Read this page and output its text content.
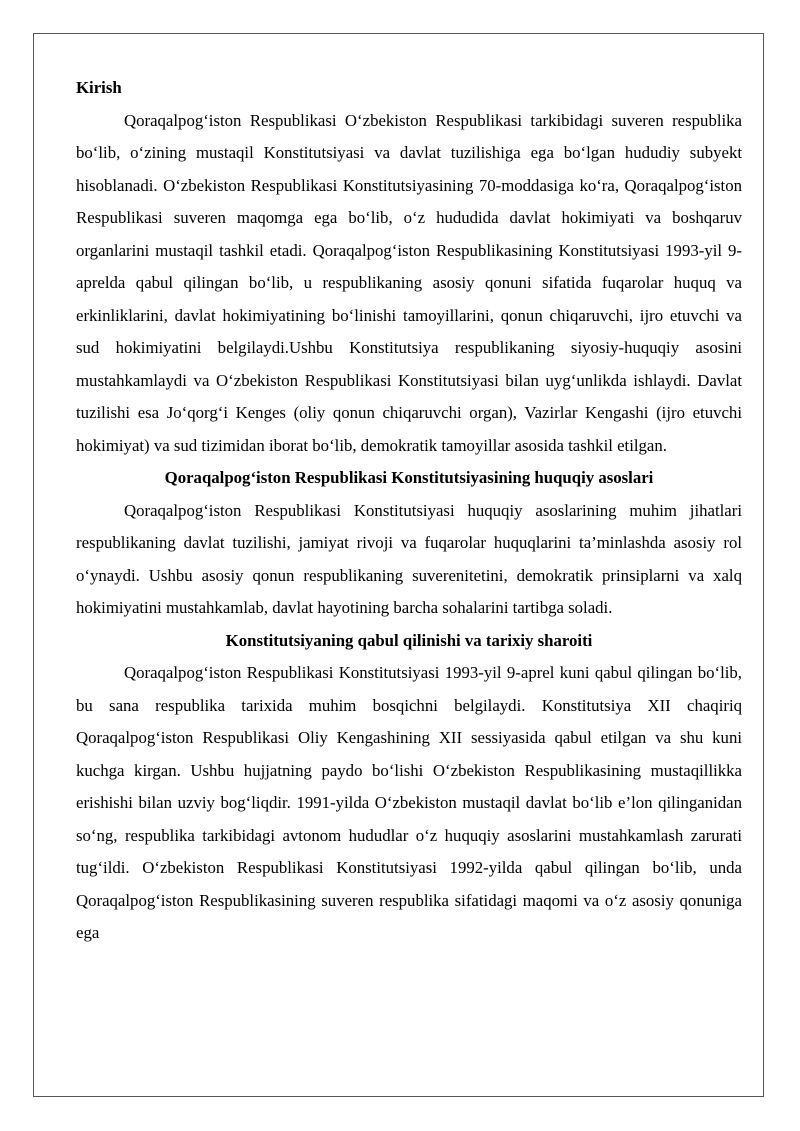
Kirish

Qoraqalpog‘iston Respublikasi O‘zbekiston Respublikasi tarkibidagi suveren respublika bo‘lib, o‘zining mustaqil Konstitutsiyasi va davlat tuzilishiga ega bo‘lgan hududiy subyekt hisoblanadi. O‘zbekiston Respublikasi Konstitutsiyasining 70-moddasiga ko‘ra, Qoraqalpog‘iston Respublikasi suveren maqomga ega bo‘lib, o‘z hududida davlat hokimiyati va boshqaruv organlarini mustaqil tashkil etadi. Qoraqalpog‘iston Respublikasining Konstitutsiyasi 1993-yil 9-aprelda qabul qilingan bo‘lib, u respublikaning asosiy qonuni sifatida fuqarolar huquq va erkinliklarini, davlat hokimiyatining bo‘linishi tamoyillarini, qonun chiqaruvchi, ijro etuvchi va sud hokimiyatini belgilaydi.Ushbu Konstitutsiya respublikaning siyosiy-huquqiy asosini mustahkamlaydi va O‘zbekiston Respublikasi Konstitutsiyasi bilan uyg‘unlikda ishlaydi. Davlat tuzilishi esa Jo‘qorg‘i Kenges (oliy qonun chiqaruvchi organ), Vazirlar Kengashi (ijro etuvchi hokimiyat) va sud tizimidan iborat bo‘lib, demokratik tamoyillar asosida tashkil etilgan.

Qoraqalpog‘iston Respublikasi Konstitutsiyasining huquqiy asoslari

Qoraqalpog‘iston Respublikasi Konstitutsiyasi huquqiy asoslarining muhim jihatlari respublikaning davlat tuzilishi, jamiyat rivoji va fuqarolar huquqlarini ta’minlashda asosiy rol o‘ynaydi. Ushbu asosiy qonun respublikaning suverenitetini, demokratik prinsiplarni va xalq hokimiyatini mustahkamlab, davlat hayotining barcha sohalarini tartibga soladi.

Konstitutsiyaning qabul qilinishi va tarixiy sharoiti

Qoraqalpog‘iston Respublikasi Konstitutsiyasi 1993-yil 9-aprel kuni qabul qilingan bo‘lib, bu sana respublika tarixida muhim bosqichni belgilaydi. Konstitutsiya XII chaqiriq Qoraqalpog‘iston Respublikasi Oliy Kengashining XII sessiyasida qabul etilgan va shu kuni kuchga kirgan. Ushbu hujjatning paydo bo‘lishi O‘zbekiston Respublikasining mustaqillikka erishishi bilan uzviy bog‘liqdir. 1991-yilda O‘zbekiston mustaqil davlat bo‘lib e’lon qilinganidan so‘ng, respublika tarkibidagi avtonom hududlar o‘z huquqiy asoslarini mustahkamlash zarurati tug‘ildi. O‘zbekiston Respublikasi Konstitutsiyasi 1992-yilda qabul qilingan bo‘lib, unda Qoraqalpog‘iston Respublikasining suveren respublika sifatidagi maqomi va o‘z asosiy qonuniga ega
